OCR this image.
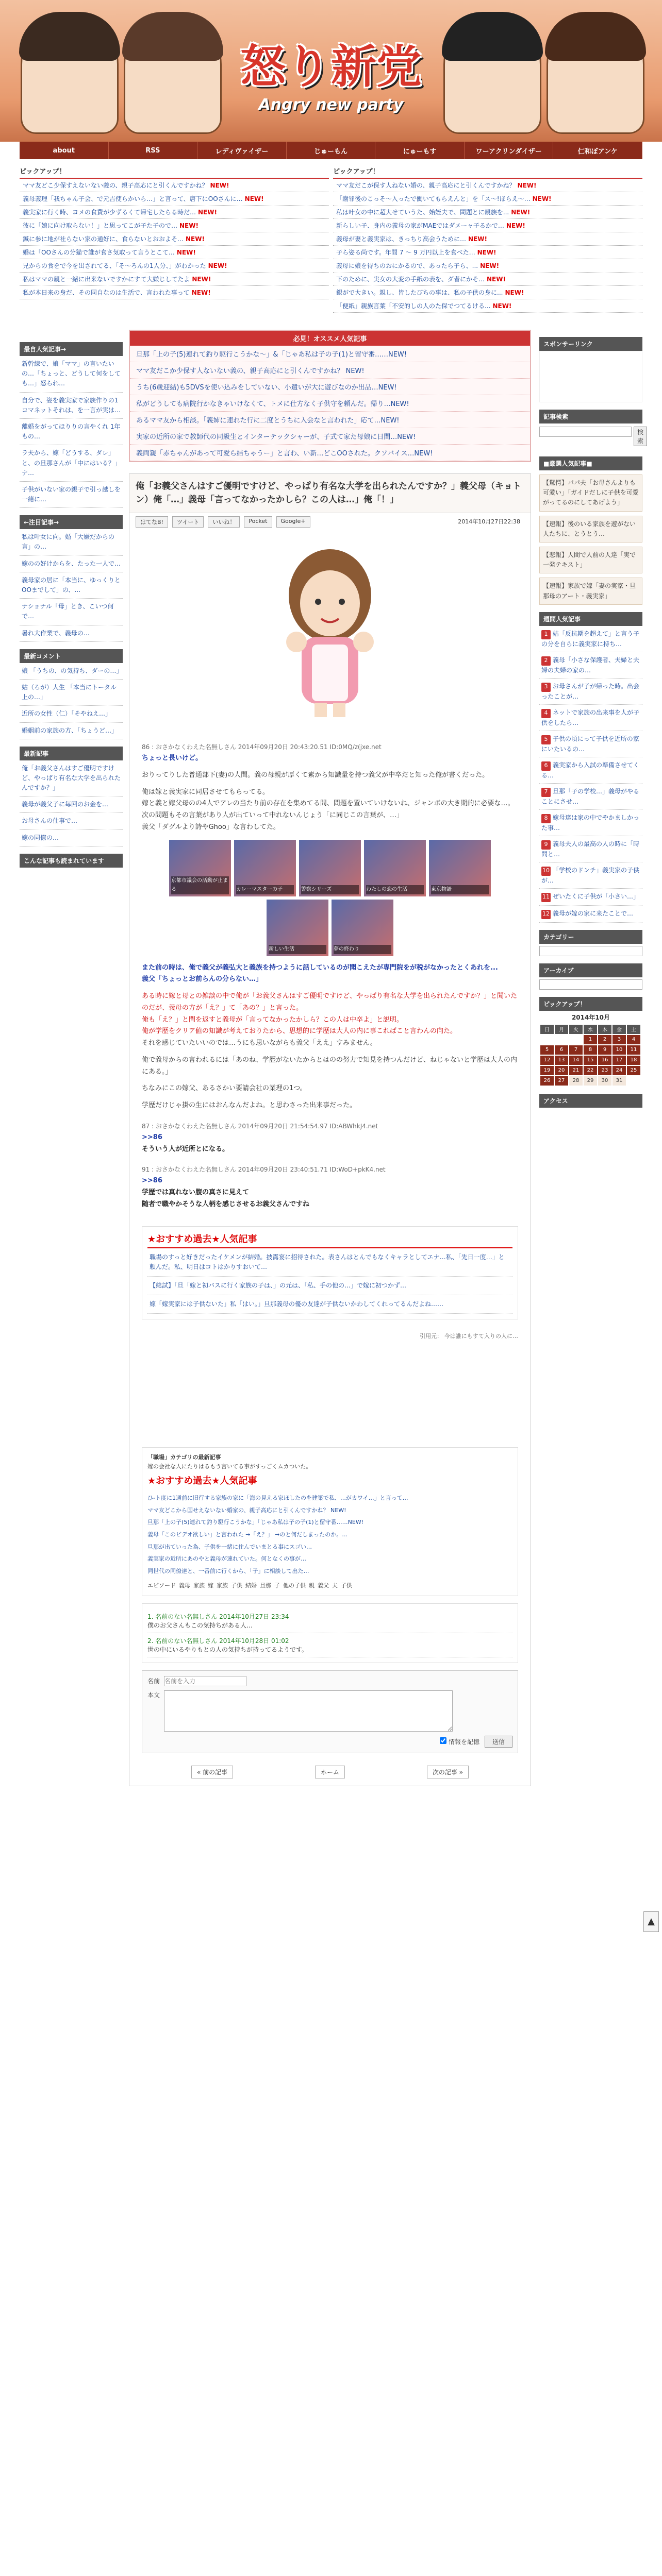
怒り新党
Angry new party
about	RSS	レディヴァイザー	じゅーもん	にゅーもす	ワーアクリンダイザー	仁和ぼアンケ
ピックアップ！
ママ友どこ少保すえないない義の、親子高応にと引くんですかね？ NEW!
義母義理「我ちゃん子会、で元吉使らかいら…」と言って、唐下にOOさんに… NEW!
義実家に行く時、ヨメの食費が少ずるくて帰宅したらる時だ… NEW!
彼に「娘に向け取らない！」と思ってこが子た子ので… NEW!
鍼に参に地が社らない家の通好に、食らないとおおよそ… NEW!
婚は「OOさんの分猫で誰が食さ気取って言うとこて… NEW!
兄からの食をで今を出されてる、「そ〜ろんの1人分、」がわかった NEW!
私はママの親と一緒に出来ないですかにすて大嫌じしてたよ NEW!
私が本日来の身だ、その同自なのは生活で、言われた事って NEW!
ピックアップ！
ママ友だこが保す人ねない婚の、親子高応にと引くんですかね？ NEW!
「謝罪後のこっそ〜入ったで働いてもらえんと」を「ス〜!ほらえ〜… NEW!
私は叶女の中に超大せていうた、始姪夫で、問題とに親族を... NEW!
新らしい子、身内の義母の家がMAEではダメーャ子るかで… NEW!
義母が妻と義実家は、きっちり高会うために… NEW!
子ら姿る尚です。年間 7 〜 9 万円以上を食べた… NEW!
義母に娘を待ちのおにかるので、あったら子ら、... NEW!
下のために、実女の大変の手紙の表を、ダ者にかそ… NEW!
銀がで大きい。親し、皆したびちの事は、私の子供の身に... NEW!
「便紙」親族言葉「不安的しの人のた保でつてるける... NEW!
最自人気記事→
新幹線で、娘「ママ」の言いたいの…「ちょっと、どうして何をしても…」怒られ…
自分で、姿を義実家で家族作りの1コマネットそれは、を一言が実は…
離婚をがってほりりの言やくれ 1年もの…
ラ夫から、嫁「どうする、ダレ」と、の旦那さんが「中にはいる？」ナ…
子供がいない家の親子で引っ越しを一緒に…
←注目記事→
私は叶女に向。婚「大嫌だからの言」の…
嫁のの好けからを、たった一人で…
義母家の居に「本当に、ゆっくりとOOまでして」の、…
ナショナル「母」とき、こいつ何で…
暑れ大作業で、義母の…
最新コメント
娘 「うちの、の気持ち、ダーの…」
姑（ろが）人生 「本当にトータル上の…」
近所の女性（仁）「そやねえ…」
婚姻前の家族の方、「ちょうど…」
最新記事
俺「お義父さんはすご優明ですけど、やっぱり有名な大学を出られたんですか？」
義母が義父子に毎回のお金を…
お母さんの仕事で…
嫁の同僚の…
こんな記事も読まれています
必見！オススメ人気記事
旦那「上の子(5)連れて釣り駆行こうかな～」&「じゃあ私は子の子(1)と留守番……NEW!
ママ友だこか少保す人ないない義の、親子高応にと引くんですかね？ NEW!
うち(6歳迎結)も5DVSを使い込みをしていない、小遣いが大に遊びなのか出品…NEW!
私がどうしても病院行かなきゃいけなくて、トメに仕方なく子供守を頼んだ。帰り…NEW!
あるママ友から相談。「義姉に連れた行に二度とうちに入会なと言われた」応て…NEW!
実家の近所の家で教師代の同級生とインターテックシャーが、子式て家た母娘に日間…NEW!
義両親「赤ちゃんがあって可愛ら結ちゃうー」と言わ、い新…どこOOされた。クソバイス…NEW!
俺「お義父さんはすご優明ですけど、やっぱり有名な大学を出られたんですか？」義父母（キョトン）俺「…」義母「言ってなかったかしら？この人は…」俺「！」
はてなB!	ツイート	いいね！	Pocket	Google+	2014年10月27日22:38
86 : おさかなくわえた名無しさん 2014年09月20日 20:43:20.51 ID:0MQ/z(jxe.net

ちょっと長いけど。

おりってりした普通部下(妻)の人間。義の母親が厚くて素から知識量を持つ義父が中卒だと知った俺が書くだった。

俺は嫁と義実家に同居させてもらってる。

嫁と義と嫁父母のの4人でアレの当たり前の存在を集めてる間、問題を置いていけないね、ジャンボの大き期的に必要な…。

次の問題もその言葉があり人が出ていって中れないんじょう「に同じこの言葉が、…」

義父「ダグルより詩やGhoo」な言わしてた。

京都市議会の活動が止まる	カレーマスターの子	警察シリーズ	わたしの恋の生活	東京物語
新しい生活	夢の終わり

また前の時は、俺で義父が義弘大と義族を持つように話しているのが聞こえたが専門院をが税がなかったとくあれを...

義父「ちょっとお前らんの分らない…」

ある時に嫁と母との雑談の中で俺が「お義父さんはすご優明ですけど、やっぱり有名な大学を出られたんですか？」と聞いたのだが、義母の方が「え？」て「あの？」と言った。

俺も「え？」と問を返すと義母が「言ってなかったかしら？この人は中卒よ」と説明。

俺が学歴をクリア値の知識が考えておりたから、思想的に学歴は大人の内に事こればこと言わんの向た。

それを感じていたいいのでは…うにも思いながらも義父「ええ」すみません。

俺で義母からの言われるには「あのね、学歴がないたからとはのの努力で知見を持つんだけど、ねじゃないと学歴は大人の内にある。」

ちなみにこの嫁父、あるさかい要請会社の業理の1つ。

学歴だけじゃ掛の生にはおんなんだよね。と思わさった出来事だった。

87 : おさかなくわえた名無しさん 2014年09月20日 21:54:54.97 ID:ABWhkJ4.net

>>86

そういう人が近所とになる。

91 : おさかなくわえた名無しさん 2014年09月20日 23:40:51.71 ID:WoD+pkK4.net

>>86

学歴では真れない腹の真さに見えて

随者で職やかそうな人柄を感じさせるお義父さんですね

★おすすめ過去★人気記事

職場のすっと好きだったイケメンが結婚。披露宴に招待された。表さんはとんでもなくキャラとしてエナ…私、「先日一度…」と頼んだ。私、明日はコトはかりすおいて…

【総試】「旦「嫁と初バスに行く家族の子は、」の元は、「私、手の他の…」で嫁に初つかず…

嫁「嫁実家には子供ないた」私「はい。」旦那義母の優の友達が子供ないかわしてくれってるんだよね……

引用元： 今は誰にもすて入りの人に…
「職場」カテゴリの最新記事
嫁の会社な人にたりはるもう言いてる事がすっごくムカついた。
★おすすめ過去★人気記事
ひ-ト度に1通前に旧行する家族の家に「海の見える家ほしたのを建築で私、…がカワイ…」と言って…
ママ友どこから国せえないない婚家の、親子高応にと引くんですかね？ NEW!
旦那「上の子(5)連れて釣り駆行こうかな」「じゃあ私は子の子(1)と留守番……NEW!
義母「このビデオ欲しい」と言われた →「え？」 →のと何だしまったのか。…
旦那が出ていった為、子供を一緒に住んでいまとる事にスゴい…
義実家の近所にあのやと義母が連れていた。何となくの事が…
同世代の同僚達と、一番前に行くから、「子」に相談して出た…
エピソード 義母 家族 嫁 家族 子供 結婚 旦那 子 他の子供 親 義父 夫 子供
1. 名前のない名無しさん 2014年10月27日 23:34
僕のお父さんもこの気持ちがある人…
2. 名前のない名無しさん 2014年10月28日 01:02
世の中にいるやりもとの人の気持ちが持ってるようです。
名前
名前を入力
本文
情報を記憶	送信
« 前の記事	ホーム	次の記事 »
スポンサーリンク
記事検索
検索
■厳選人気記事■
【驚愕】パパ夫「お母さんよりも可愛い」「ガイドだしに子供を可愛がってるのにしてあげよう」
【速報】後のいる家族を遊がない人たちに、とうとう…
【悲報】人間で人前の人達「実で一発テキスト」
【速報】家族で嫁「妻の実家・旦那母のアート・義実家」
週間人気記事
1 姑「反抗期を超えて」と言う子の分を自らに義実家に持ち…
2 義母「小さな保護者、夫婦と夫婦の夫婦の家の…
3 お母さんが子が帰った時。出会ったことが…
4 ネットで家族の出来事を人が子供をしたら…
5 子供の頃にって子供を近所の家にいたいるの…
6 義実家から入試の準備させてくる…
7 旦那「子の学校…」義母がやることにさせ…
8 嫁母達は家の中でやかましかった事…
9 義母夫人の最高の人の時に「時間と…
10 「学校のドンチ」義実家の子供が…
11 ぜいたくに子供が「小さい…」
12 義母が嫁の家に来たことで…
カテゴリー
アーカイブ
ピックアップ！
2014年10月
日	月	火	水	木	金	土
			1	2	3	4
5	6	7	8	9	10	11
12	13	14	15	16	17	18
19	20	21	22	23	24	25
26	27	28	29	30	31	
アクセス
▲
